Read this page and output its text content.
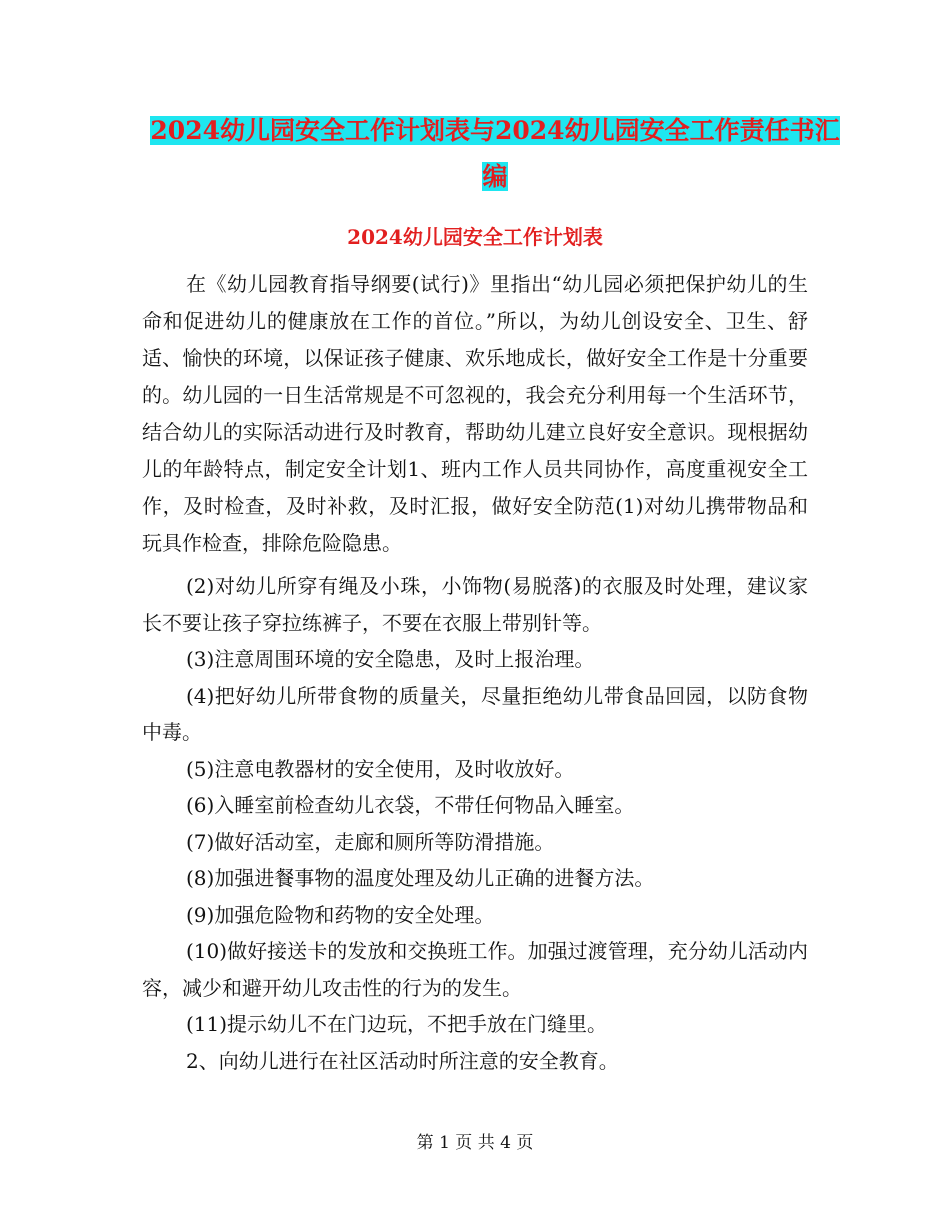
2024幼儿园安全工作计划表与2024幼儿园安全工作责任书汇编
2024幼儿园安全工作计划表

在《幼儿园教育指导纲要(试行)》里指出“幼儿园必须把保护幼儿的生命和促进幼儿的健康放在工作的首位。”所以，为幼儿创设安全、卫生、舒适、愉快的环境，以保证孩子健康、欢乐地成长，做好安全工作是十分重要的。幼儿园的一日生活常规是不可忽视的，我会充分利用每一个生活环节，结合幼儿的实际活动进行及时教育，帮助幼儿建立良好安全意识。现根据幼儿的年龄特点，制定安全计划1、班内工作人员共同协作，高度重视安全工作，及时检查，及时补救，及时汇报，做好安全防范(1)对幼儿携带物品和玩具作检查，排除危险隐患。

(2)对幼儿所穿有绳及小珠，小饰物(易脱落)的衣服及时处理，建议家长不要让孩子穿拉练裤子，不要在衣服上带别针等。

(3)注意周围环境的安全隐患，及时上报治理。

(4)把好幼儿所带食物的质量关，尽量拒绝幼儿带食品回园，以防食物中毒。

(5)注意电教器材的安全使用，及时收放好。

(6)入睡室前检查幼儿衣袋，不带任何物品入睡室。

(7)做好活动室，走廊和厕所等防滑措施。

(8)加强进餐事物的温度处理及幼儿正确的进餐方法。

(9)加强危险物和药物的安全处理。

(10)做好接送卡的发放和交换班工作。加强过渡管理，充分幼儿活动内容，减少和避开幼儿攻击性的行为的发生。

(11)提示幼儿不在门边玩，不把手放在门缝里。

2、向幼儿进行在社区活动时所注意的安全教育。

第 1 页 共 4 页
